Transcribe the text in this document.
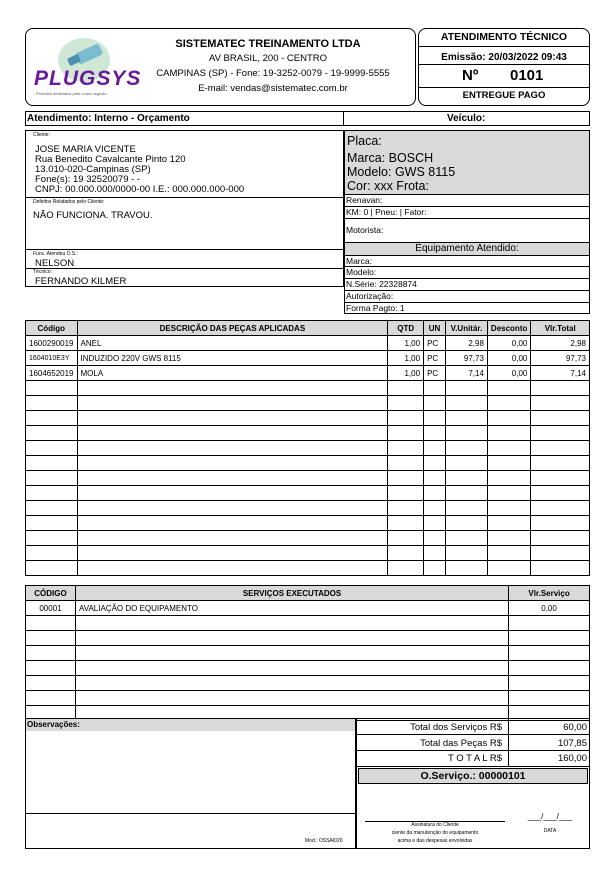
PLUGSYS
Produtos dedicados para o seu negócio
SISTEMATEC TREINAMENTO LTDA
AV BRASIL, 200 - CENTRO
CAMPINAS (SP) - Fone: 19-3252-0079 - 19-9999-5555
E-mail: vendas@sistematec.com.br
ATENDIMENTO TÉCNICO
Emissão: 20/03/2022 09:43
Nº 0101
ENTREGUE PAGO
Atendimento: Interno - Orçamento	Veículo:
Cliente:
JOSE MARIA VICENTE
Rua Benedito Cavalcante Pinto 120
13.010-020-Campinas (SP)
Fone(s): 19 32520079 - -
CNPJ: 00.000.000/0000-00 I.E.: 000.000.000-000
Defeitos Relatados pelo Cliente:
NÃO FUNCIONA. TRAVOU.
Func. Atendeu O.S.:
NELSON
Técnico:
FERNANDO KILMER
Placa:
Marca: BOSCH
Modelo: GWS 8115
Cor: xxx Frota:
Renavan:
KM: 0 | Pneu: | Fator:
Motorista:
Equipamento Atendido:
Marca:
Modelo:
N.Série: 22328874
Autorização:
Forma Pagto: 1
Código	DESCRIÇÃO DAS PEÇAS APLICADAS	QTD	UN	V.Unitár.	Desconto	Vlr.Total
1600290019	ANEL	1,00	PC	2,98	0,00	2,98
1604010E3Y	INDUZIDO 220V GWS 8115	1,00	PC	97,73	0,00	97,73
1604652019	MOLA	1,00	PC	7,14	0,00	7,14

CÓDIGO	SERVIÇOS EXECUTADOS	Vlr.Serviço
00001	AVALIAÇÃO DO EQUIPAMENTO	0,00

Observações:
Mod.: OSSAI020
Total dos Serviços R$	60,00
Total das Peças R$	107,85
T O T A L R$	160,00
O.Serviço.: 00000101
Assinatura do Cliente
ciente da manutenção do equipamento
acima e das despesas envolvidas
___/___/___
DATA
